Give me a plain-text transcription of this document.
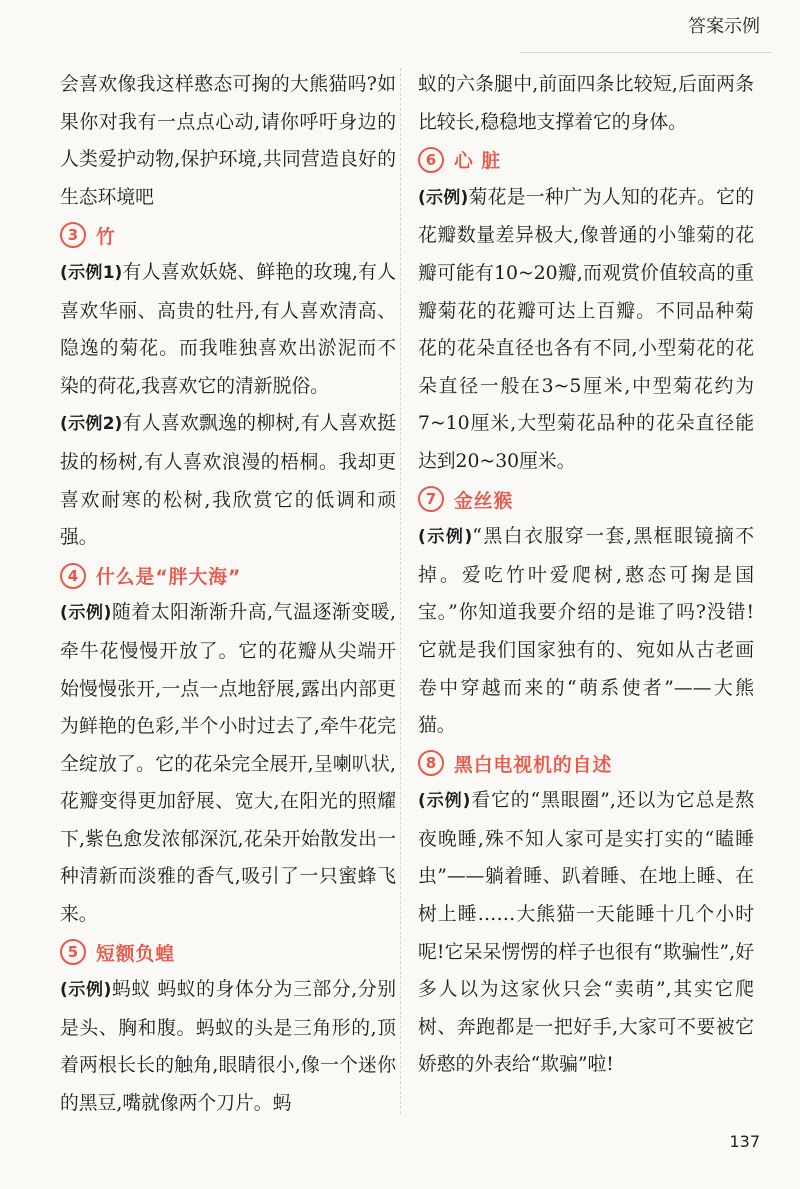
答案示例

会喜欢像我这样憨态可掬的大熊猫吗?如果你对我有一点点心动,请你呼吁身边的人类爱护动物,保护环境,共同营造良好的生态环境吧

3 竹

(示例1)有人喜欢妖娆、鲜艳的玫瑰,有人喜欢华丽、高贵的牡丹,有人喜欢清高、隐逸的菊花。而我唯独喜欢出淤泥而不染的荷花,我喜欢它的清新脱俗。

(示例2)有人喜欢飘逸的柳树,有人喜欢挺拔的杨树,有人喜欢浪漫的梧桐。我却更喜欢耐寒的松树,我欣赏它的低调和顽强。

4 什么是“胖大海”

(示例)随着太阳渐渐升高,气温逐渐变暖,牵牛花慢慢开放了。它的花瓣从尖端开始慢慢张开,一点一点地舒展,露出内部更为鲜艳的色彩,半个小时过去了,牵牛花完全绽放了。它的花朵完全展开,呈喇叭状,花瓣变得更加舒展、宽大,在阳光的照耀下,紫色愈发浓郁深沉,花朵开始散发出一种清新而淡雅的香气,吸引了一只蜜蜂飞来。

5 短额负蝗

(示例)蚂蚁 蚂蚁的身体分为三部分,分别是头、胸和腹。蚂蚁的头是三角形的,顶着两根长长的触角,眼睛很小,像一个迷你的黑豆,嘴就像两个刀片。蚂

蚁的六条腿中,前面四条比较短,后面两条比较长,稳稳地支撑着它的身体。

6 心 脏

(示例)菊花是一种广为人知的花卉。它的花瓣数量差异极大,像普通的小雏菊的花瓣可能有10~20瓣,而观赏价值较高的重瓣菊花的花瓣可达上百瓣。不同品种菊花的花朵直径也各有不同,小型菊花的花朵直径一般在3~5厘米,中型菊花约为7~10厘米,大型菊花品种的花朵直径能达到20~30厘米。

7 金丝猴

(示例)“黑白衣服穿一套,黑框眼镜摘不掉。爱吃竹叶爱爬树,憨态可掬是国宝。”你知道我要介绍的是谁了吗?没错!它就是我们国家独有的、宛如从古老画卷中穿越而来的“萌系使者”——大熊猫。

8 黑白电视机的自述

(示例)看它的“黑眼圈”,还以为它总是熬夜晚睡,殊不知人家可是实打实的“瞌睡虫”——躺着睡、趴着睡、在地上睡、在树上睡……大熊猫一天能睡十几个小时呢!它呆呆愣愣的样子也很有“欺骗性”,好多人以为这家伙只会“卖萌”,其实它爬树、奔跑都是一把好手,大家可不要被它娇憨的外表给“欺骗”啦!

137
